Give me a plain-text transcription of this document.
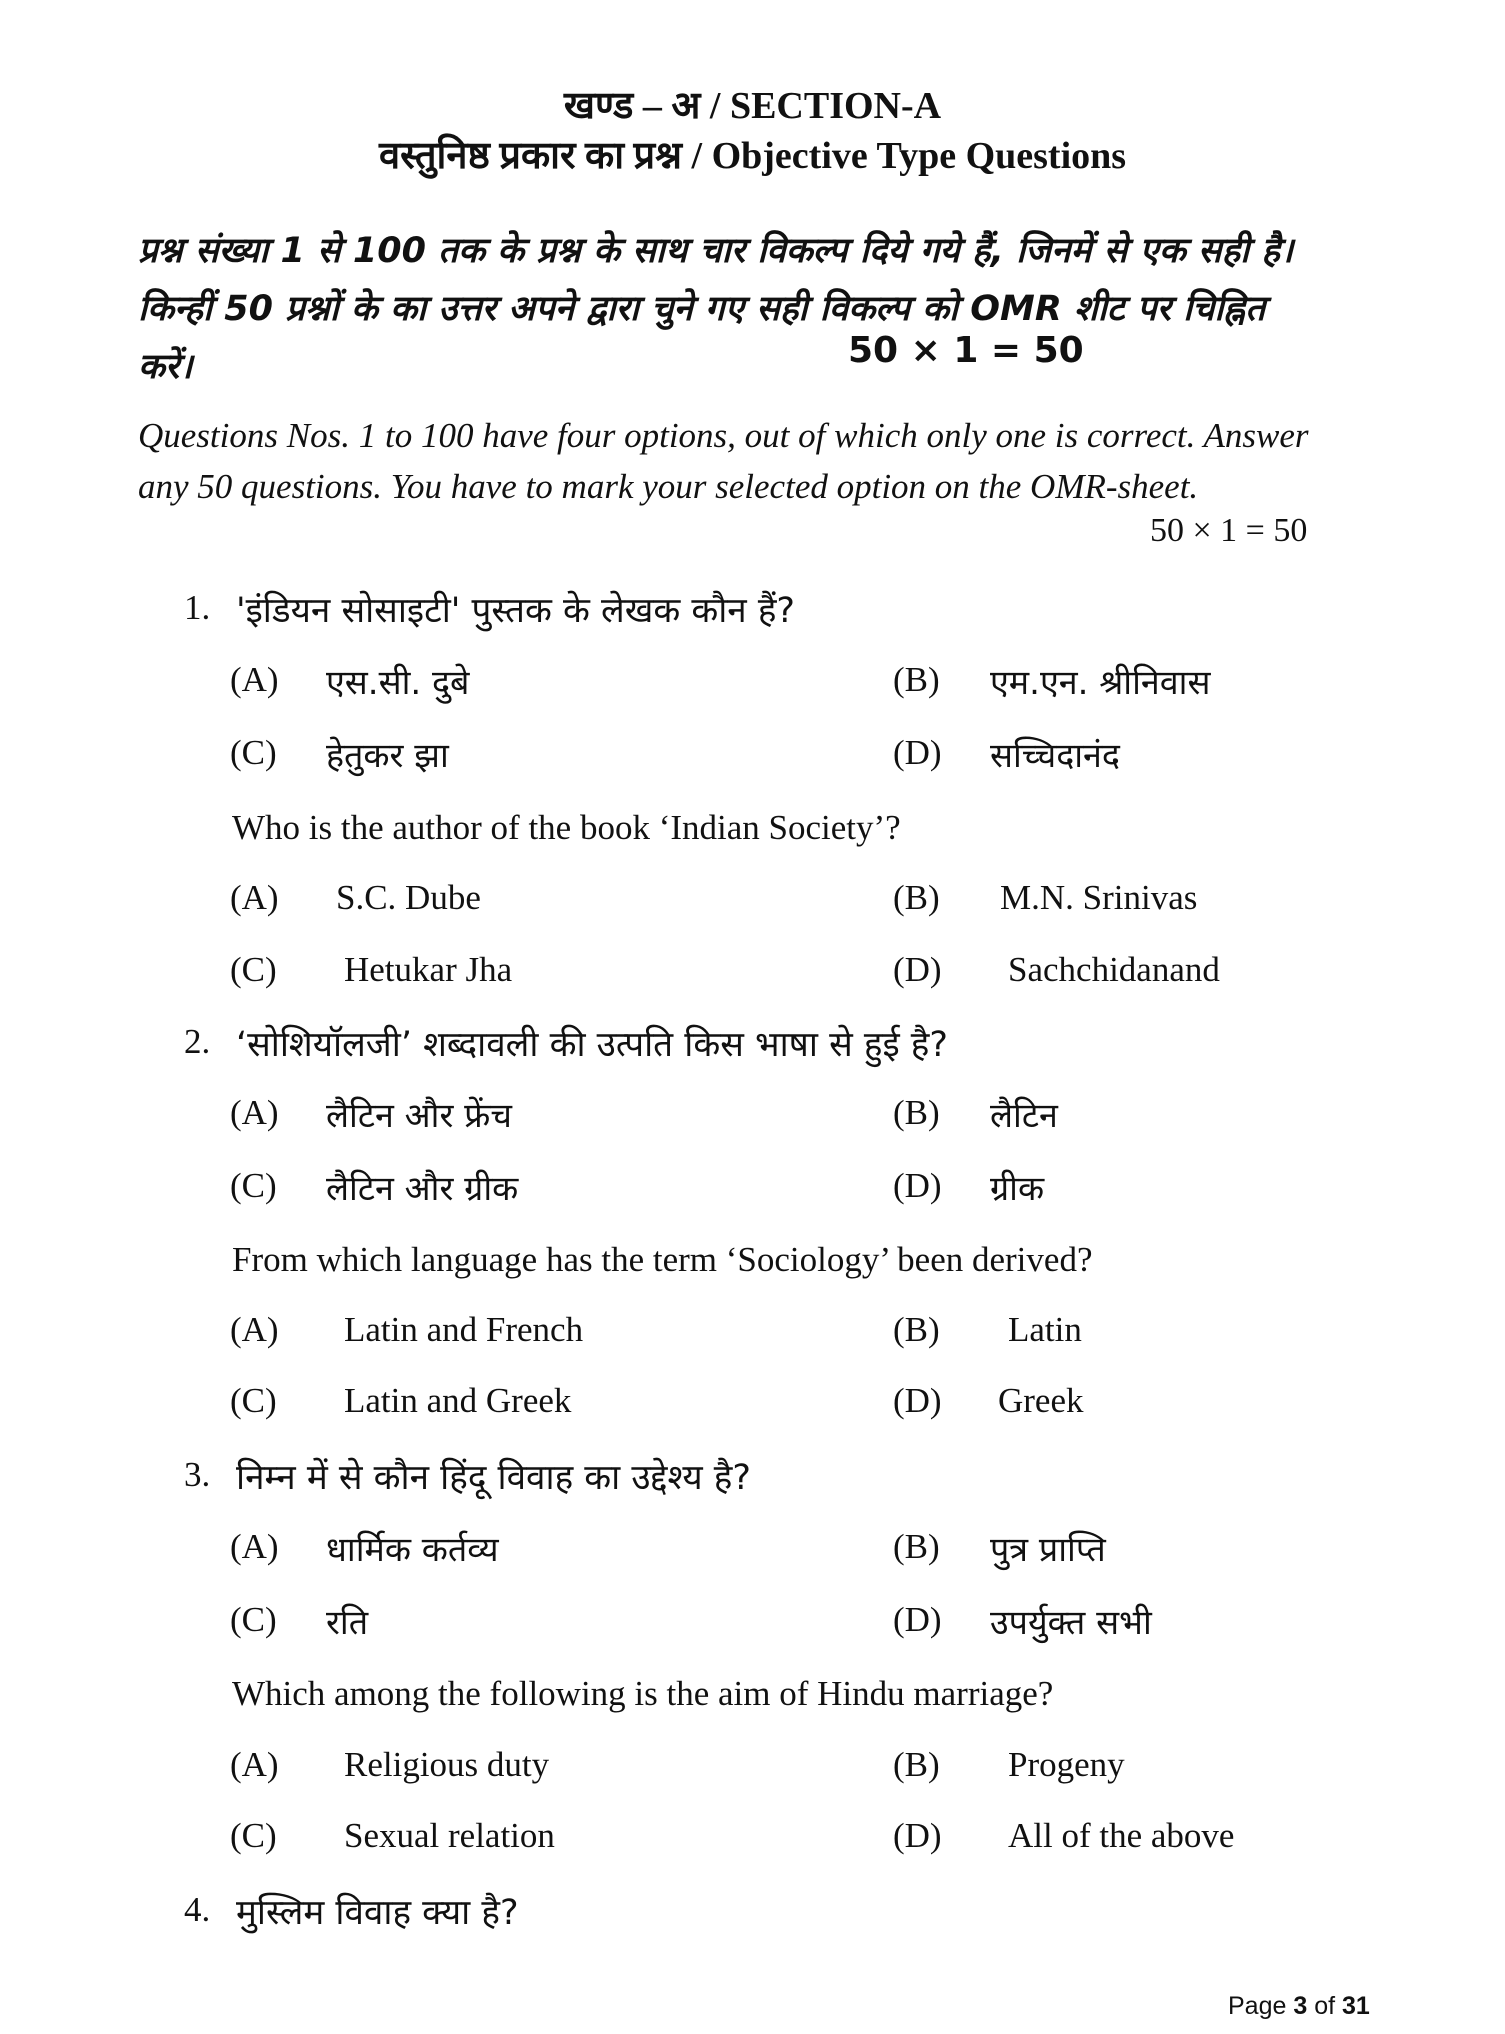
खण्ड – अ / SECTION-A
वस्तुनिष्ठ प्रकार का प्रश्न / Objective Type Questions
प्रश्न संख्या 1 से 100 तक के प्रश्न के साथ चार विकल्प दिये गये हैं, जिनमें से एक सही है।
किन्हीं 50 प्रश्नों के का उत्तर अपने द्वारा चुने गए सही विकल्प को OMR शीट पर चिह्नित
करें।	50 × 1 = 50
Questions Nos. 1 to 100 have four options, out of which only one is correct. Answer
any 50 questions. You have to mark your selected option on the OMR-sheet.
50 × 1 = 50
1. 'इंडियन सोसाइटी' पुस्तक के लेखक कौन हैं?
(A) एस.सी. दुबे	(B) एम.एन. श्रीनिवास
(C) हेतुकर झा	(D) सच्चिदानंद
Who is the author of the book ‘Indian Society’?
(A) S.C. Dube	(B) M.N. Srinivas
(C) Hetukar Jha	(D) Sachchidanand
2. ‘सोशियॉलजी’ शब्दावली की उत्पति किस भाषा से हुई है?
(A) लैटिन और फ्रेंच	(B) लैटिन
(C) लैटिन और ग्रीक	(D) ग्रीक
From which language has the term ‘Sociology’ been derived?
(A) Latin and French	(B) Latin
(C) Latin and Greek	(D) Greek
3. निम्न में से कौन हिंदू विवाह का उद्देश्य है?
(A) धार्मिक कर्तव्य	(B) पुत्र प्राप्ति
(C) रति	(D) उपर्युक्त सभी
Which among the following is the aim of Hindu marriage?
(A) Religious duty	(B) Progeny
(C) Sexual relation	(D) All of the above
4. मुस्लिम विवाह क्या है?
Page 3 of 31
